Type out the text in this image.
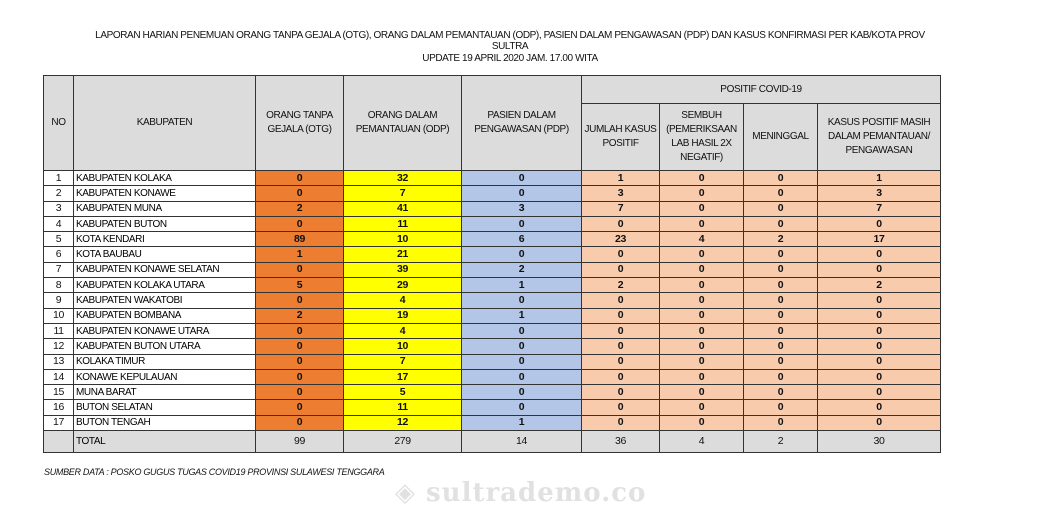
LAPORAN HARIAN PENEMUAN ORANG TANPA GEJALA (OTG), ORANG DALAM PEMANTAUAN (ODP), PASIEN DALAM PENGAWASAN (PDP) DAN KASUS KONFIRMASI PER KAB/KOTA PROV
SULTRA
UPDATE 19 APRIL 2020 JAM. 17.00 WITA
NO	KABUPATEN	ORANG TANPA GEJALA (OTG)	ORANG DALAM PEMANTAUAN (ODP)	PASIEN DALAM PENGAWASAN (PDP)	POSITIF COVID-19			
					JUMLAH KASUS POSITIF	SEMBUH (PEMERIKSAAN LAB HASIL 2X NEGATIF)	MENINGGAL	KASUS POSITIF MASIH DALAM PEMANTAUAN/ PENGAWASAN
1	KABUPATEN KOLAKA	0	32	0	1	0	0	1
2	KABUPATEN KONAWE	0	7	0	3	0	0	3
3	KABUPATEN MUNA	2	41	3	7	0	0	7
4	KABUPATEN BUTON	0	11	0	0	0	0	0
5	KOTA KENDARI	89	10	6	23	4	2	17
6	KOTA BAUBAU	1	21	0	0	0	0	0
7	KABUPATEN KONAWE SELATAN	0	39	2	0	0	0	0
8	KABUPATEN KOLAKA UTARA	5	29	1	2	0	0	2
9	KABUPATEN WAKATOBI	0	4	0	0	0	0	0
10	KABUPATEN BOMBANA	2	19	1	0	0	0	0
11	KABUPATEN KONAWE UTARA	0	4	0	0	0	0	0
12	KABUPATEN BUTON UTARA	0	10	0	0	0	0	0
13	KOLAKA TIMUR	0	7	0	0	0	0	0
14	KONAWE KEPULAUAN	0	17	0	0	0	0	0
15	MUNA BARAT	0	5	0	0	0	0	0
16	BUTON SELATAN	0	11	0	0	0	0	0
17	BUTON TENGAH	0	12	1	0	0	0	0
	TOTAL	99	279	14	36	4	2	30
SUMBER DATA : POSKO GUGUS TUGAS COVID19 PROVINSI SULAWESI TENGGARA
◈ sultrademo.co
